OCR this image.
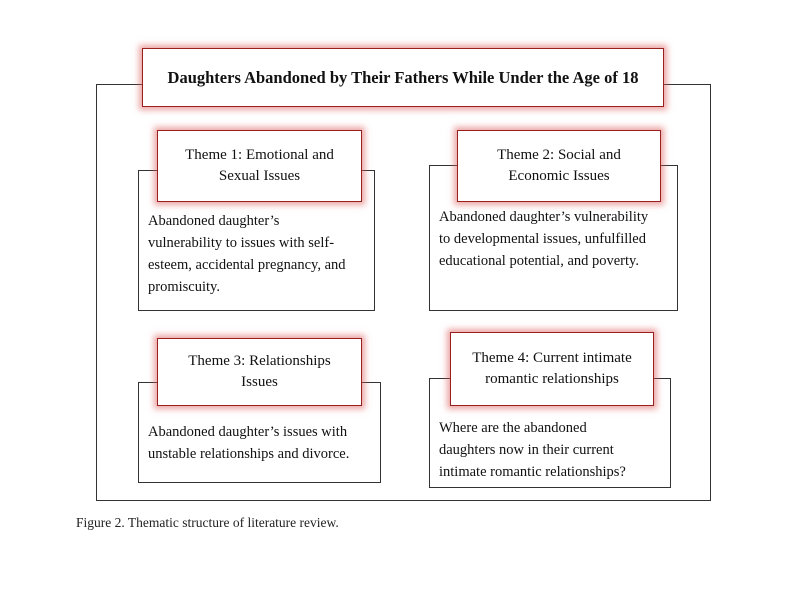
Daughters Abandoned by Their Fathers While Under the Age of 18
Theme 1: Emotional and
Sexual Issues
Abandoned daughter’s
vulnerability to issues with self-
esteem, accidental pregnancy, and
promiscuity.
Theme 2: Social and
Economic Issues
Abandoned daughter’s vulnerability
to developmental issues, unfulfilled
educational potential, and poverty.
Theme 3: Relationships
Issues
Abandoned daughter’s issues with
unstable relationships and divorce.
Theme 4: Current intimate
romantic relationships
Where are the abandoned
daughters now in their current
intimate romantic relationships?
Figure 2. Thematic structure of literature review.
